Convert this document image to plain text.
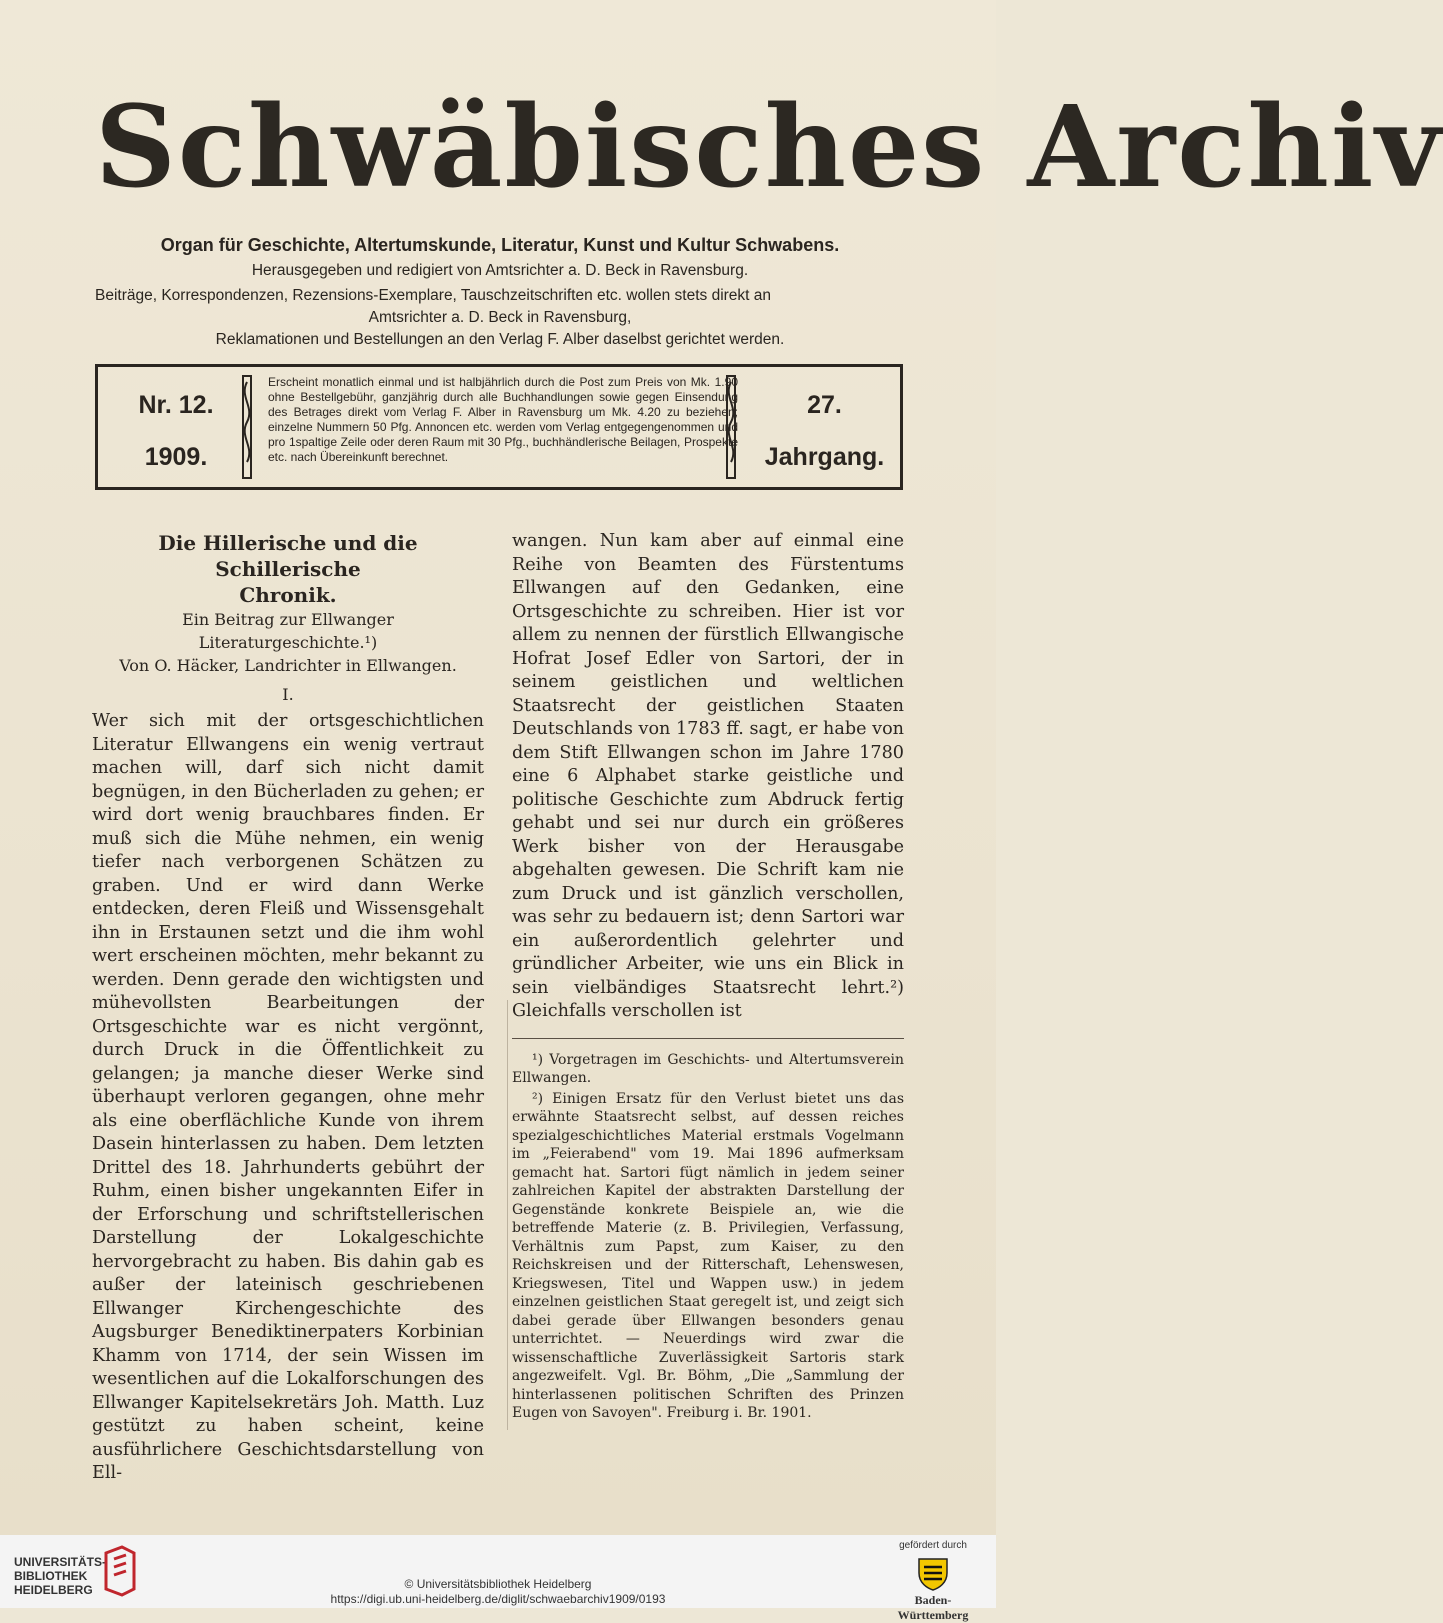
Schwäbisches Archiv
Organ für Geschichte, Altertumskunde, Literatur, Kunst und Kultur Schwabens.
Herausgegeben und redigiert von Amtsrichter a. D. Beck in Ravensburg.
Beiträge, Korrespondenzen, Rezensions-Exemplare, Tauschzeitschriften etc. wollen stets direkt an
Amtsrichter a. D. Beck in Ravensburg,
Reklamationen und Bestellungen an den Verlag F. Alber daselbst gerichtet werden.
Nr. 12.
1909.
Erscheint monatlich einmal und ist halbjährlich durch die Post zum Preis von Mk. 1.90 ohne Bestellgebühr, ganzjährig durch alle Buchhandlungen sowie gegen Einsendung des Betrages direkt vom Verlag F. Alber in Ravensburg um Mk. 4.20 zu beziehen; einzelne Nummern 50 Pfg. Annoncen etc. werden vom Verlag entgegengenommen und pro 1spaltige Zeile oder deren Raum mit 30 Pfg., buchhändlerische Beilagen, Prospekte etc. nach Übereinkunft berechnet.
27.
Jahrgang.
Die Hillerische und die Schillerische
Chronik.
Ein Beitrag zur Ellwanger Literaturgeschichte.¹)
Von O. Häcker, Landrichter in Ellwangen.
I.

Wer sich mit der ortsgeschichtlichen Literatur Ellwangens ein wenig vertraut machen will, darf sich nicht damit begnügen, in den Bücherladen zu gehen; er wird dort wenig brauchbares finden. Er muß sich die Mühe nehmen, ein wenig tiefer nach verborgenen Schätzen zu graben. Und er wird dann Werke entdecken, deren Fleiß und Wissensgehalt ihn in Erstaunen setzt und die ihm wohl wert erscheinen möchten, mehr bekannt zu werden. Denn gerade den wichtigsten und mühevollsten Bearbeitungen der Ortsgeschichte war es nicht vergönnt, durch Druck in die Öffentlichkeit zu gelangen; ja manche dieser Werke sind überhaupt verloren gegangen, ohne mehr als eine oberflächliche Kunde von ihrem Dasein hinterlassen zu haben. Dem letzten Drittel des 18. Jahrhunderts gebührt der Ruhm, einen bisher ungekannten Eifer in der Erforschung und schriftstellerischen Darstellung der Lokalgeschichte hervorgebracht zu haben. Bis dahin gab es außer der lateinisch geschriebenen Ellwanger Kirchengeschichte des Augsburger Benediktinerpaters Korbinian Khamm von 1714, der sein Wissen im wesentlichen auf die Lokalforschungen des Ellwanger Kapitelsekretärs Joh. Matth. Luz gestützt zu haben scheint, keine ausführlichere Geschichtsdarstellung von Ell-

wangen. Nun kam aber auf einmal eine Reihe von Beamten des Fürstentums Ellwangen auf den Gedanken, eine Ortsgeschichte zu schreiben. Hier ist vor allem zu nennen der fürstlich Ellwangische Hofrat Josef Edler von Sartori, der in seinem geistlichen und weltlichen Staatsrecht der geistlichen Staaten Deutschlands von 1783 ff. sagt, er habe von dem Stift Ellwangen schon im Jahre 1780 eine 6 Alphabet starke geistliche und politische Geschichte zum Abdruck fertig gehabt und sei nur durch ein größeres Werk bisher von der Herausgabe abgehalten gewesen. Die Schrift kam nie zum Druck und ist gänzlich verschollen, was sehr zu bedauern ist; denn Sartori war ein außerordentlich gelehrter und gründlicher Arbeiter, wie uns ein Blick in sein vielbändiges Staatsrecht lehrt.²) Gleichfalls verschollen ist

¹) Vorgetragen im Geschichts- und Altertumsverein Ellwangen.

²) Einigen Ersatz für den Verlust bietet uns das erwähnte Staatsrecht selbst, auf dessen reiches spezialgeschichtliches Material erstmals Vogelmann im „Feierabend" vom 19. Mai 1896 aufmerksam gemacht hat. Sartori fügt nämlich in jedem seiner zahlreichen Kapitel der abstrakten Darstellung der Gegenstände konkrete Beispiele an, wie die betreffende Materie (z. B. Privilegien, Verfassung, Verhältnis zum Papst, zum Kaiser, zu den Reichskreisen und der Ritterschaft, Lehenswesen, Kriegswesen, Titel und Wappen usw.) in jedem einzelnen geistlichen Staat geregelt ist, und zeigt sich dabei gerade über Ellwangen besonders genau unterrichtet. — Neuerdings wird zwar die wissenschaftliche Zuverlässigkeit Sartoris stark angezweifelt. Vgl. Br. Böhm, „Die „Sammlung der hinterlassenen politischen Schriften des Prinzen Eugen von Savoyen". Freiburg i. Br. 1901.

UNIVERSITÄTS-
BIBLIOTHEK
HEIDELBERG	© Universitätsbibliothek Heidelberg
https://digi.ub.uni-heidelberg.de/diglit/schwaebarchiv1909/0193
gefördert durch
Baden-Württemberg
